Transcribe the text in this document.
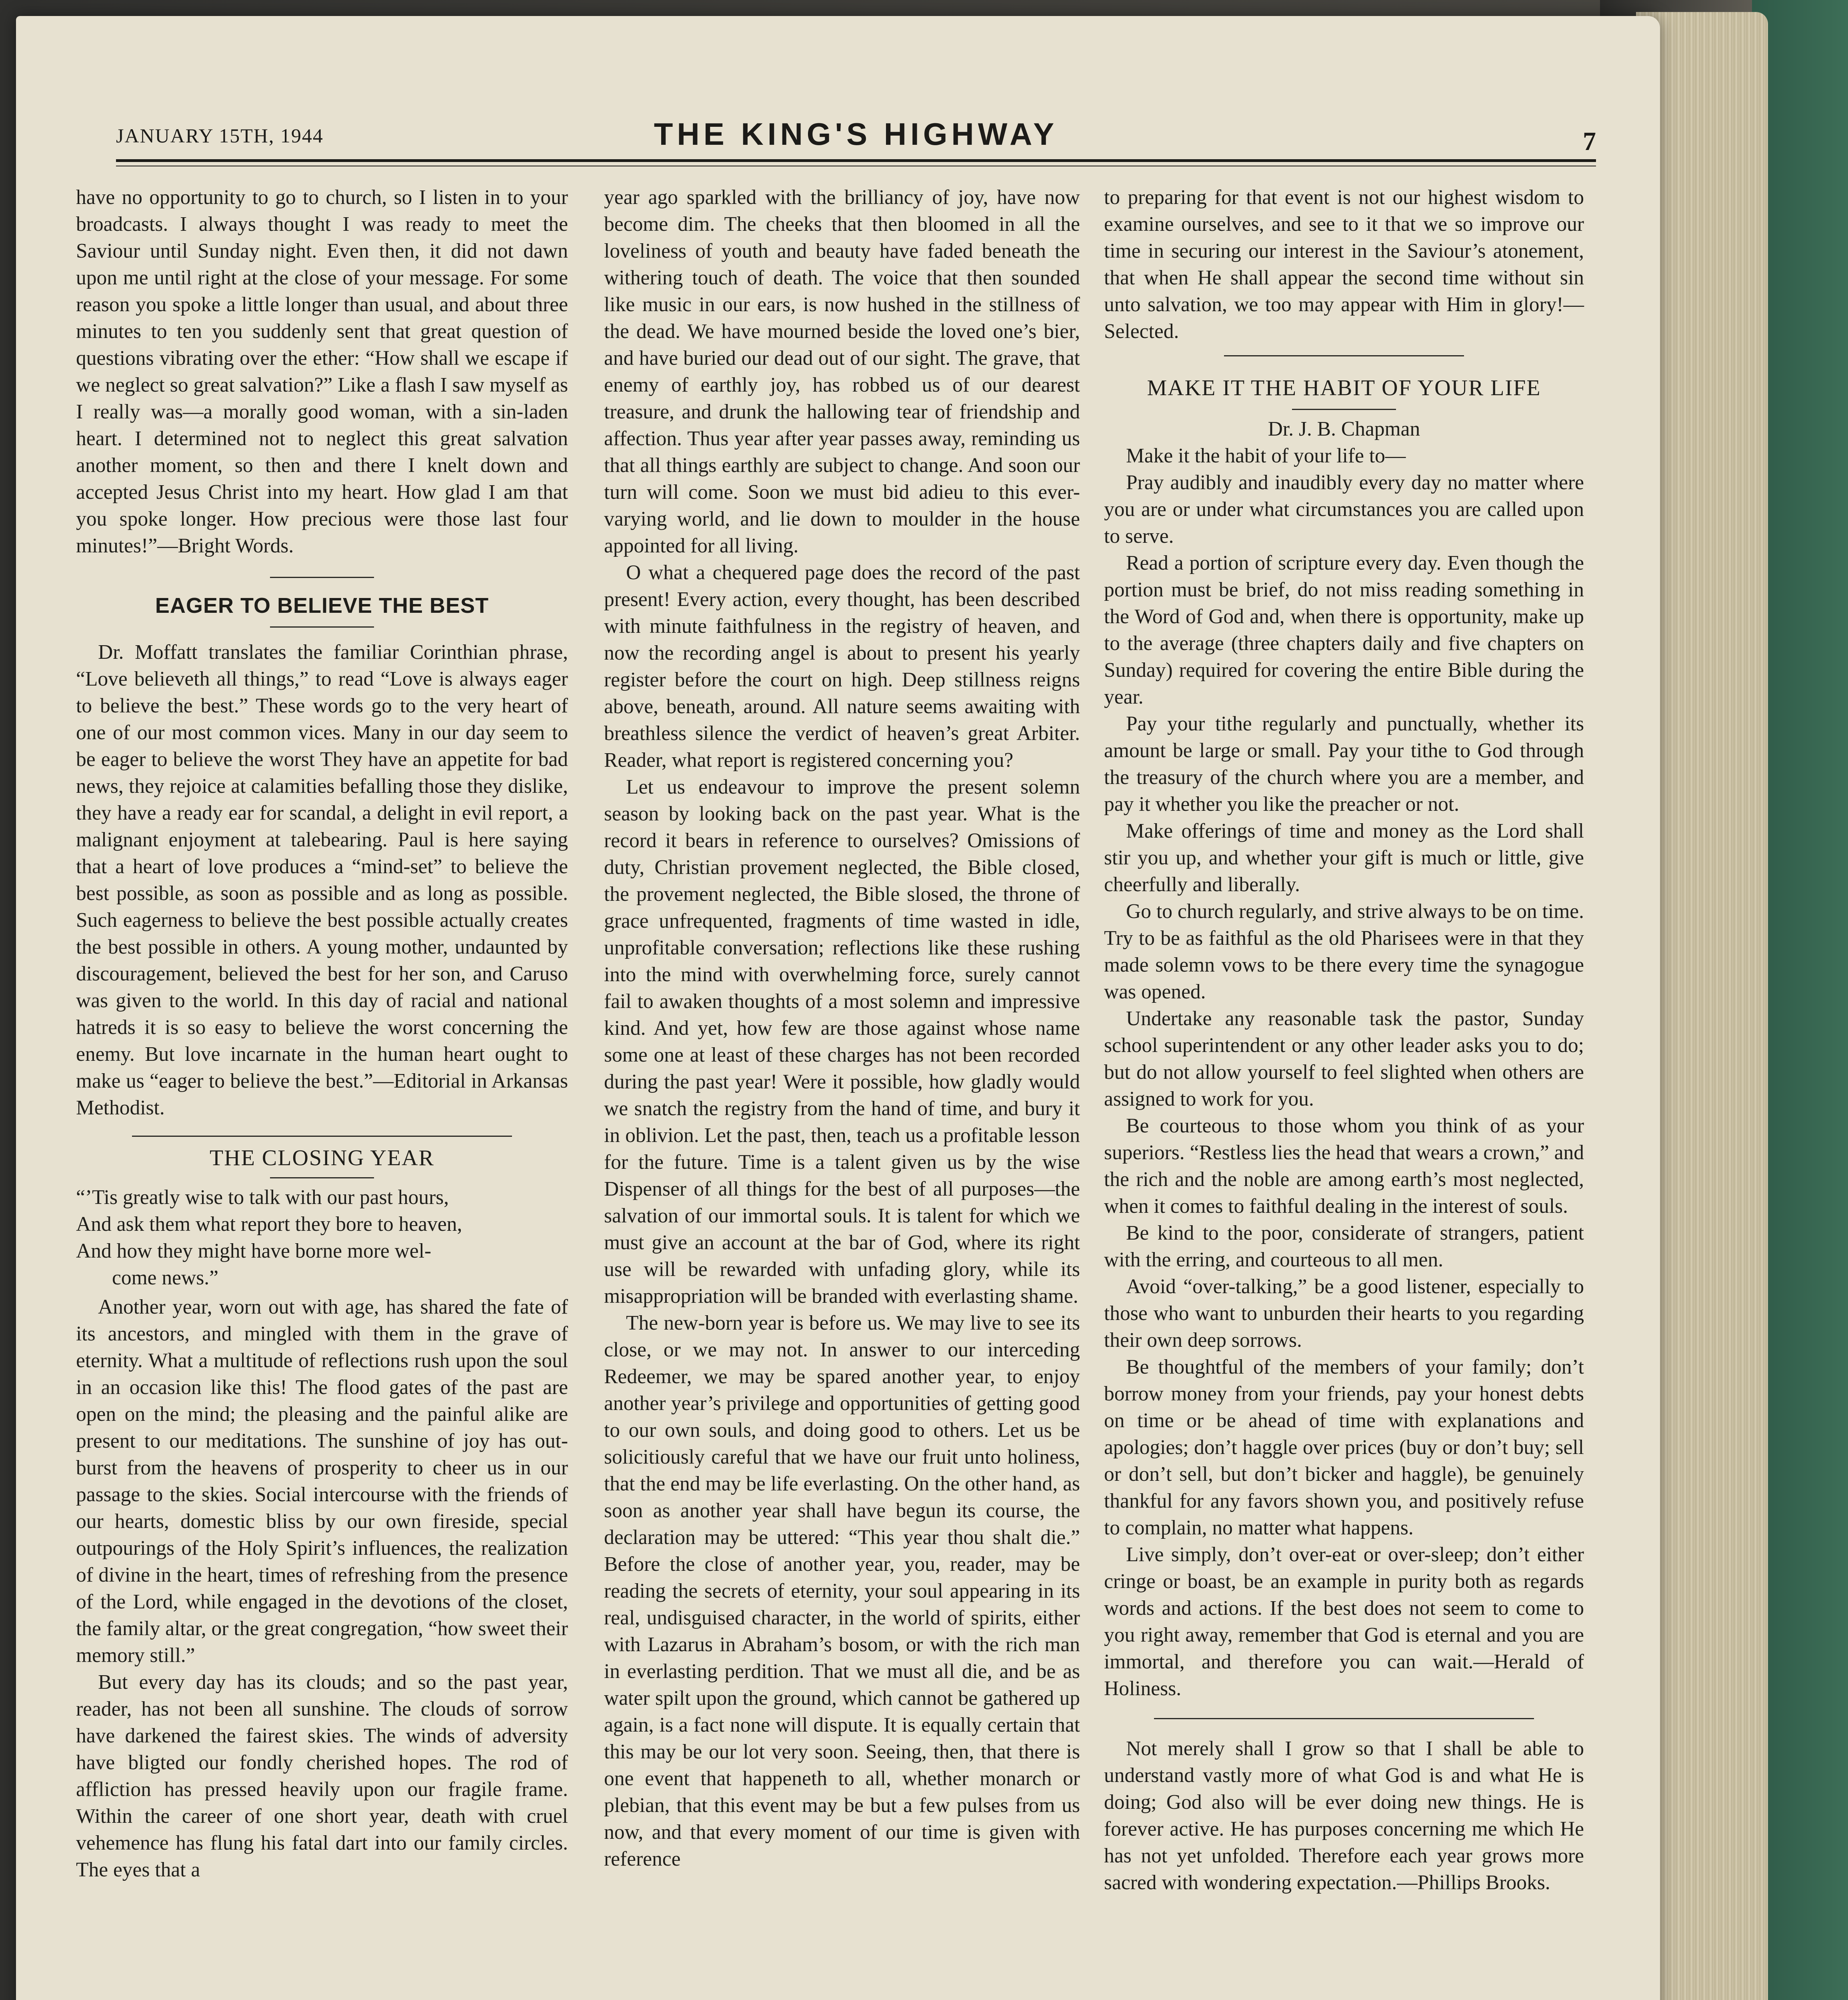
JANUARY 15TH, 1944	THE KING'S HIGHWAY	7

have no opportunity to go to church, so I listen in to your broadcasts. I always thought I was ready to meet the Saviour until Sunday night. Even then, it did not dawn upon me until right at the close of your message. For some reason you spoke a little longer than usual, and about three minutes to ten you suddenly sent that great question of questions vibrating over the ether: “How shall we escape if we neglect so great salvation?” Like a flash I saw myself as I really was—a morally good woman, with a sin-laden heart. I determined not to neglect this great salvation another moment, so then and there I knelt down and accepted Jesus Christ into my heart. How glad I am that you spoke longer. How precious were those last four minutes!”—Bright Words.

EAGER TO BELIEVE THE BEST

Dr. Moffatt translates the familiar Corinthian phrase, “Love believeth all things,” to read “Love is always eager to believe the best.” These words go to the very heart of one of our most common vices. Many in our day seem to be eager to believe the worst They have an appetite for bad news, they rejoice at calamities befalling those they dislike, they have a ready ear for scandal, a delight in evil report, a malignant enjoyment at talebearing. Paul is here saying that a heart of love produces a “mind-set” to believe the best possible, as soon as possible and as long as possible. Such eagerness to believe the best possible actually creates the best possible in others. A young mother, undaunted by discouragement, believed the best for her son, and Caruso was given to the world. In this day of racial and national hatreds it is so easy to believe the worst concerning the enemy. But love incarnate in the human heart ought to make us “eager to believe the best.”—Editorial in Arkansas Methodist.

THE CLOSING YEAR

“’Tis greatly wise to talk with our past hours,

And ask them what report they bore to heaven,

And how they might have borne more wel-

come news.”

Another year, worn out with age, has shared the fate of its ancestors, and mingled with them in the grave of eternity. What a multitude of reflections rush upon the soul in an occasion like this! The flood gates of the past are open on the mind; the pleasing and the painful alike are present to our meditations. The sunshine of joy has out-burst from the heavens of prosperity to cheer us in our passage to the skies. Social intercourse with the friends of our hearts, domestic bliss by our own fireside, special outpourings of the Holy Spirit’s influences, the realization of divine in the heart, times of refreshing from the presence of the Lord, while engaged in the devotions of the closet, the family altar, or the great congregation, “how sweet their memory still.”

But every day has its clouds; and so the past year, reader, has not been all sunshine. The clouds of sorrow have darkened the fairest skies. The winds of adversity have bligted our fondly cherished hopes. The rod of affliction has pressed heavily upon our fragile frame. Within the career of one short year, death with cruel vehemence has flung his fatal dart into our family circles. The eyes that a

year ago sparkled with the brilliancy of joy, have now become dim. The cheeks that then bloomed in all the loveliness of youth and beauty have faded beneath the withering touch of death. The voice that then sounded like music in our ears, is now hushed in the stillness of the dead. We have mourned beside the loved one’s bier, and have buried our dead out of our sight. The grave, that enemy of earthly joy, has robbed us of our dearest treasure, and drunk the hallowing tear of friendship and affection. Thus year after year passes away, reminding us that all things earthly are subject to change. And soon our turn will come. Soon we must bid adieu to this ever-varying world, and lie down to moulder in the house appointed for all living.

O what a chequered page does the record of the past present! Every action, every thought, has been described with minute faithfulness in the registry of heaven, and now the recording angel is about to present his yearly register before the court on high. Deep stillness reigns above, beneath, around. All nature seems awaiting with breathless silence the verdict of heaven’s great Arbiter. Reader, what report is registered concerning you?

Let us endeavour to improve the present solemn season by looking back on the past year. What is the record it bears in reference to ourselves? Omissions of duty, Christian provement neglected, the Bible closed, the provement neglected, the Bible slosed, the throne of grace unfrequented, fragments of time wasted in idle, unprofitable conversation; reflections like these rushing into the mind with overwhelming force, surely cannot fail to awaken thoughts of a most solemn and impressive kind. And yet, how few are those against whose name some one at least of these charges has not been recorded during the past year! Were it possible, how gladly would we snatch the registry from the hand of time, and bury it in oblivion. Let the past, then, teach us a profitable lesson for the future. Time is a talent given us by the wise Dispenser of all things for the best of all purposes—the salvation of our immortal souls. It is talent for which we must give an account at the bar of God, where its right use will be rewarded with unfading glory, while its misappropriation will be branded with everlasting shame.

The new-born year is before us. We may live to see its close, or we may not. In answer to our interceding Redeemer, we may be spared another year, to enjoy another year’s privilege and opportunities of getting good to our own souls, and doing good to others. Let us be solicitiously careful that we have our fruit unto holiness, that the end may be life everlasting. On the other hand, as soon as another year shall have begun its course, the declaration may be uttered: “This year thou shalt die.” Before the close of another year, you, reader, may be reading the secrets of eternity, your soul appearing in its real, undisguised character, in the world of spirits, either with Lazarus in Abraham’s bosom, or with the rich man in everlasting perdition. That we must all die, and be as water spilt upon the ground, which cannot be gathered up again, is a fact none will dispute. It is equally certain that this may be our lot very soon. Seeing, then, that there is one event that happeneth to all, whether monarch or plebian, that this event may be but a few pulses from us now, and that every moment of our time is given with reference

to preparing for that event is not our highest wisdom to examine ourselves, and see to it that we so improve our time in securing our interest in the Saviour’s atonement, that when He shall appear the second time without sin unto salvation, we too may appear with Him in glory!—Selected.

MAKE IT THE HABIT OF YOUR LIFE
Dr. J. B. Chapman

Make it the habit of your life to—

Pray audibly and inaudibly every day no matter where you are or under what circumstances you are called upon to serve.

Read a portion of scripture every day. Even though the portion must be brief, do not miss reading something in the Word of God and, when there is opportunity, make up to the average (three chapters daily and five chapters on Sunday) required for covering the entire Bible during the year.

Pay your tithe regularly and punctually, whether its amount be large or small. Pay your tithe to God through the treasury of the church where you are a member, and pay it whether you like the preacher or not.

Make offerings of time and money as the Lord shall stir you up, and whether your gift is much or little, give cheerfully and liberally.

Go to church regularly, and strive always to be on time. Try to be as faithful as the old Pharisees were in that they made solemn vows to be there every time the synagogue was opened.

Undertake any reasonable task the pastor, Sunday school superintendent or any other leader asks you to do; but do not allow yourself to feel slighted when others are assigned to work for you.

Be courteous to those whom you think of as your superiors. “Restless lies the head that wears a crown,” and the rich and the noble are among earth’s most neglected, when it comes to faithful dealing in the interest of souls.

Be kind to the poor, considerate of strangers, patient with the erring, and courteous to all men.

Avoid “over-talking,” be a good listener, especially to those who want to unburden their hearts to you regarding their own deep sorrows.

Be thoughtful of the members of your family; don’t borrow money from your friends, pay your honest debts on time or be ahead of time with explanations and apologies; don’t haggle over prices (buy or don’t buy; sell or don’t sell, but don’t bicker and haggle), be genuinely thankful for any favors shown you, and positively refuse to complain, no matter what happens.

Live simply, don’t over-eat or over-sleep; don’t either cringe or boast, be an example in purity both as regards words and actions. If the best does not seem to come to you right away, remember that God is eternal and you are immortal, and therefore you can wait.—Herald of Holiness.

Not merely shall I grow so that I shall be able to understand vastly more of what God is and what He is doing; God also will be ever doing new things. He is forever active. He has purposes concerning me which He has not yet unfolded. Therefore each year grows more sacred with wondering expectation.—Phillips Brooks.
